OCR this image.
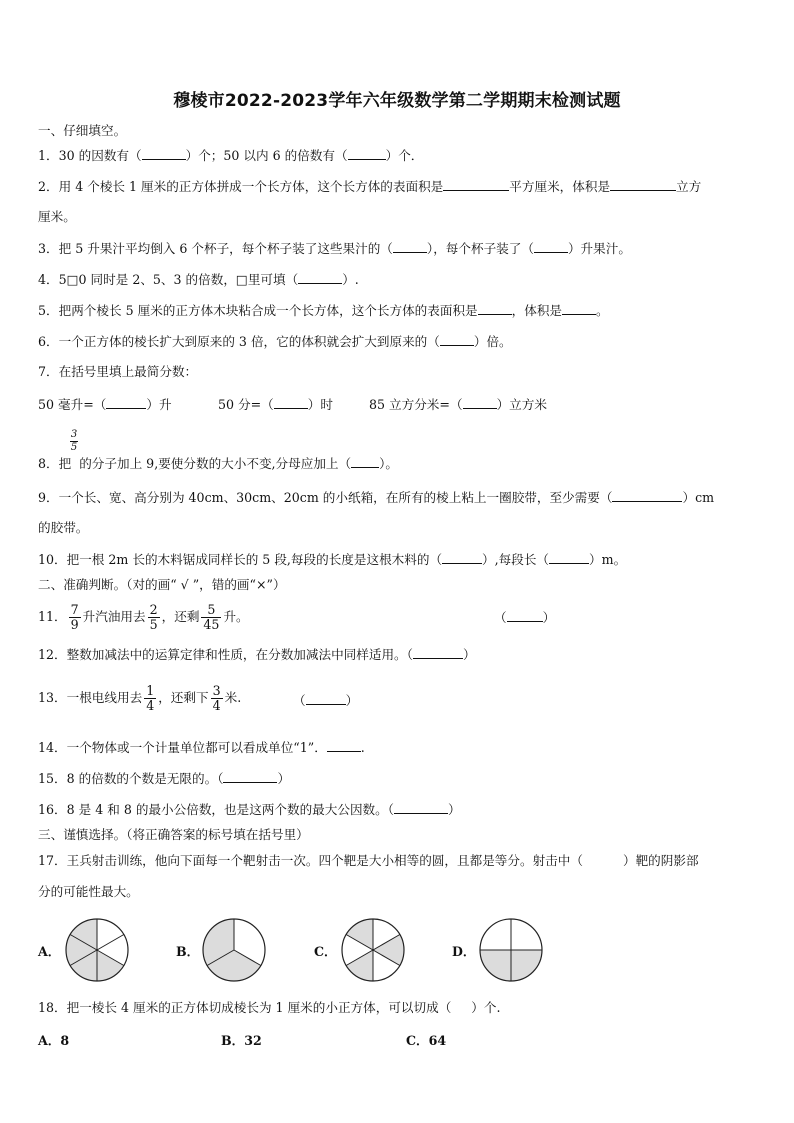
穆棱市2022-2023学年六年级数学第二学期期末检测试题
一、仔细填空。
1．30 的因数有（	）个；50 以内 6 的倍数有（	）个．
2．用 4 个棱长 1 厘米的正方体拼成一个长方体，这个长方体的表面积是	平方厘米，体积是	立方
厘米。
3．把 5 升果汁平均倒入 6 个杯子，每个杯子装了这些果汁的（	），每个杯子装了（	）升果汁。
4．5□0 同时是 2、5、3 的倍数，□里可填（	）.
5．把两个棱长 5 厘米的正方体木块粘合成一个长方体，这个长方体的表面积是	，体积是	。
6．一个正方体的棱长扩大到原来的 3 倍，它的体积就会扩大到原来的（	）倍。
7．在括号里填上最简分数：
50 毫升=（	）升	50 分=（	）时	85 立方分米=（	）立方米
3
5
8．把 的分子加上 9,要使分数的大小不变,分母应加上（ ）。
9．一个长、宽、高分别为 40cm、30cm、20cm 的小纸箱，在所有的棱上粘上一圈胶带，至少需要（	）cm
的胶带。
10．把一根 2m 长的木料锯成同样长的 5 段,每段的长度是这根木料的（	）,每段长（	）m。
二、准确判断。（对的画“ √ ”，错的画“×”）
11． $\frac{7}{9}$ 升汽油用去 $\frac{2}{5}$ ，还剩 $\frac{5}{45}$ 升。	（	）
12．整数加减法中的运算定律和性质，在分数加减法中同样适用。（	）
13．一根电线用去 $\frac{1}{4}$ ，还剩下 $\frac{3}{4}$ 米.	（	）
14．一个物体或一个计量单位都可以看成单位“1”．	.
15．8 的倍数的个数是无限的。（	）
16．8 是 4 和 8 的最小公倍数，也是这两个数的最大公因数。（	）
三、谨慎选择。（将正确答案的标号填在括号里）
17．王兵射击训练，他向下面每一个靶射击一次。四个靶是大小相等的圆，且都是等分。射击中（	）靶的阴影部
分的可能性最大。
A．	B．	C．	D．
18．把一棱长 4 厘米的正方体切成棱长为 1 厘米的小正方体，可以切成（ ）个.
A．8	B．32	C．64
